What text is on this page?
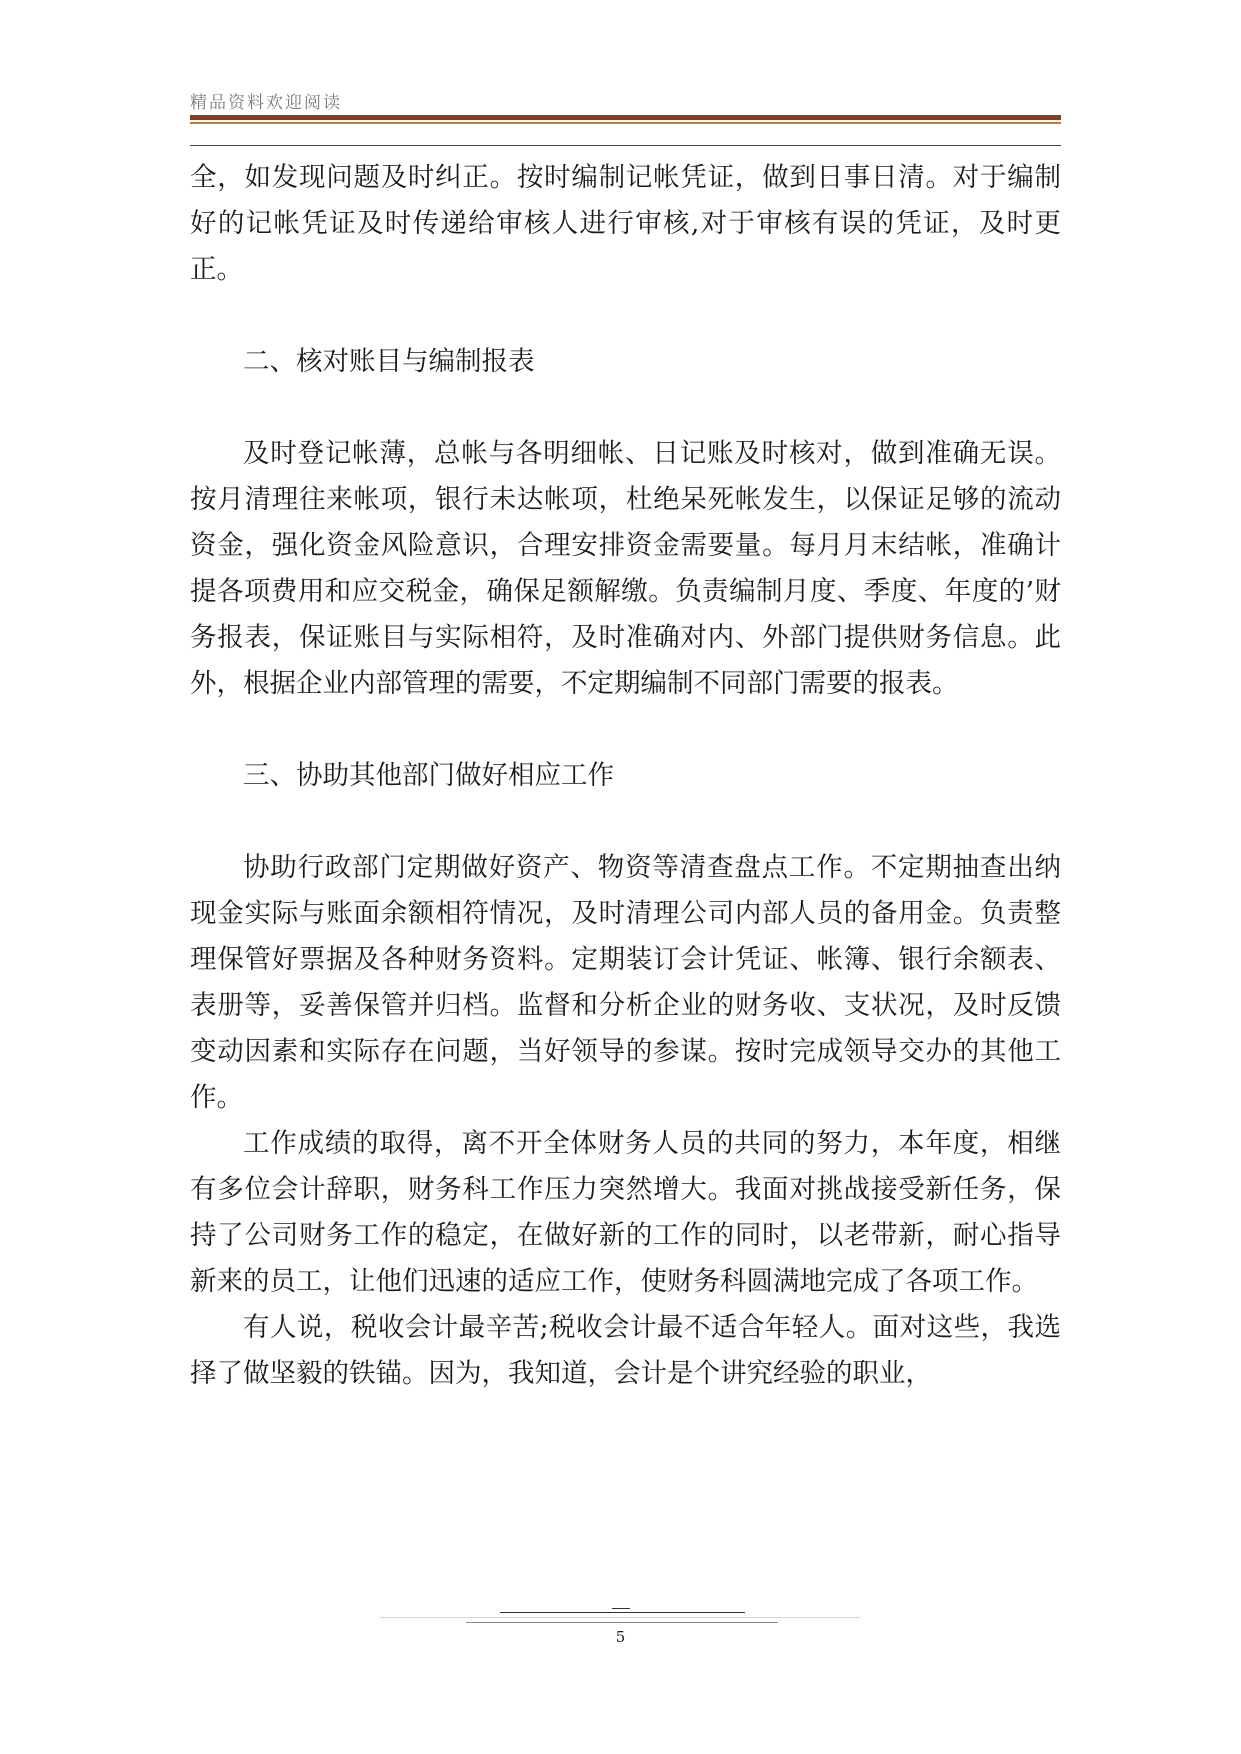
精品资料欢迎阅读

全，如发现问题及时纠正。按时编制记帐凭证，做到日事日清。对于编制好的记帐凭证及时传递给审核人进行审核,对于审核有误的凭证，及时更正。

二、核对账目与编制报表

及时登记帐薄，总帐与各明细帐、日记账及时核对，做到准确无误。按月清理往来帐项，银行未达帐项，杜绝呆死帐发生，以保证足够的流动资金，强化资金风险意识，合理安排资金需要量。每月月末结帐，准确计提各项费用和应交税金，确保足额解缴。负责编制月度、季度、年度的’财务报表，保证账目与实际相符，及时准确对内、外部门提供财务信息。此外，根据企业内部管理的需要，不定期编制不同部门需要的报表。

三、协助其他部门做好相应工作

协助行政部门定期做好资产、物资等清查盘点工作。不定期抽查出纳现金实际与账面余额相符情况，及时清理公司内部人员的备用金。负责整理保管好票据及各种财务资料。定期装订会计凭证、帐簿、银行余额表、表册等，妥善保管并归档。监督和分析企业的财务收、支状况，及时反馈变动因素和实际存在问题，当好领导的参谋。按时完成领导交办的其他工作。

工作成绩的取得，离不开全体财务人员的共同的努力，本年度，相继有多位会计辞职，财务科工作压力突然增大。我面对挑战接受新任务，保持了公司财务工作的稳定，在做好新的工作的同时，以老带新，耐心指导新来的员工，让他们迅速的适应工作，使财务科圆满地完成了各项工作。

有人说，税收会计最辛苦;税收会计最不适合年轻人。面对这些，我选择了做坚毅的铁锚。因为，我知道，会计是个讲究经验的职业，

5
